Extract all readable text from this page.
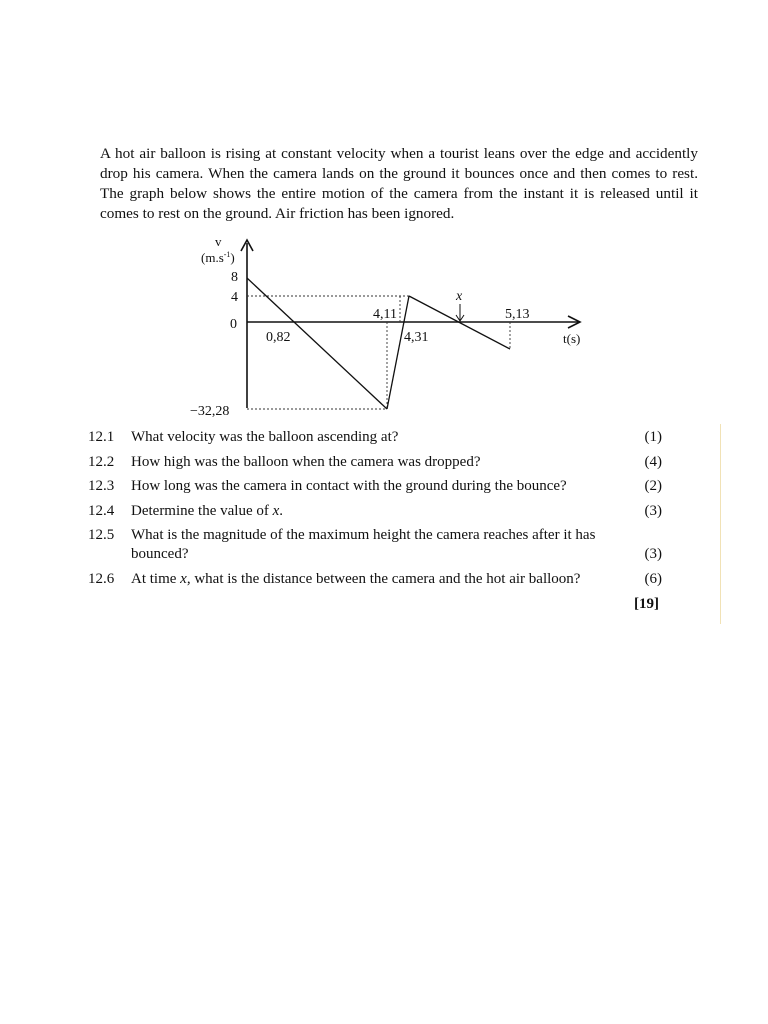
A hot air balloon is rising at constant velocity when a tourist leans over the edge and accidently drop his camera. When the camera lands on the ground it bounces once and then comes to rest. The graph below shows the entire motion of the camera from the instant it is released until it comes to rest on the ground. Air friction has been ignored.
v
$(m.s^{-1})$
t(s)
8
4
0
−32,28
0,82
4,11
4,31
x
5,13
12.1 What velocity was the balloon ascending at?	(1)
12.2 How high was the balloon when the camera was dropped?	(4)
12.3 How long was the camera in contact with the ground during the bounce?	(2)
12.4 Determine the value of x.	(3)
12.5 What is the magnitude of the maximum height the camera reaches after it has bounced?	(3)
12.6 At time x, what is the distance between the camera and the hot air balloon?	(6)
[19]
